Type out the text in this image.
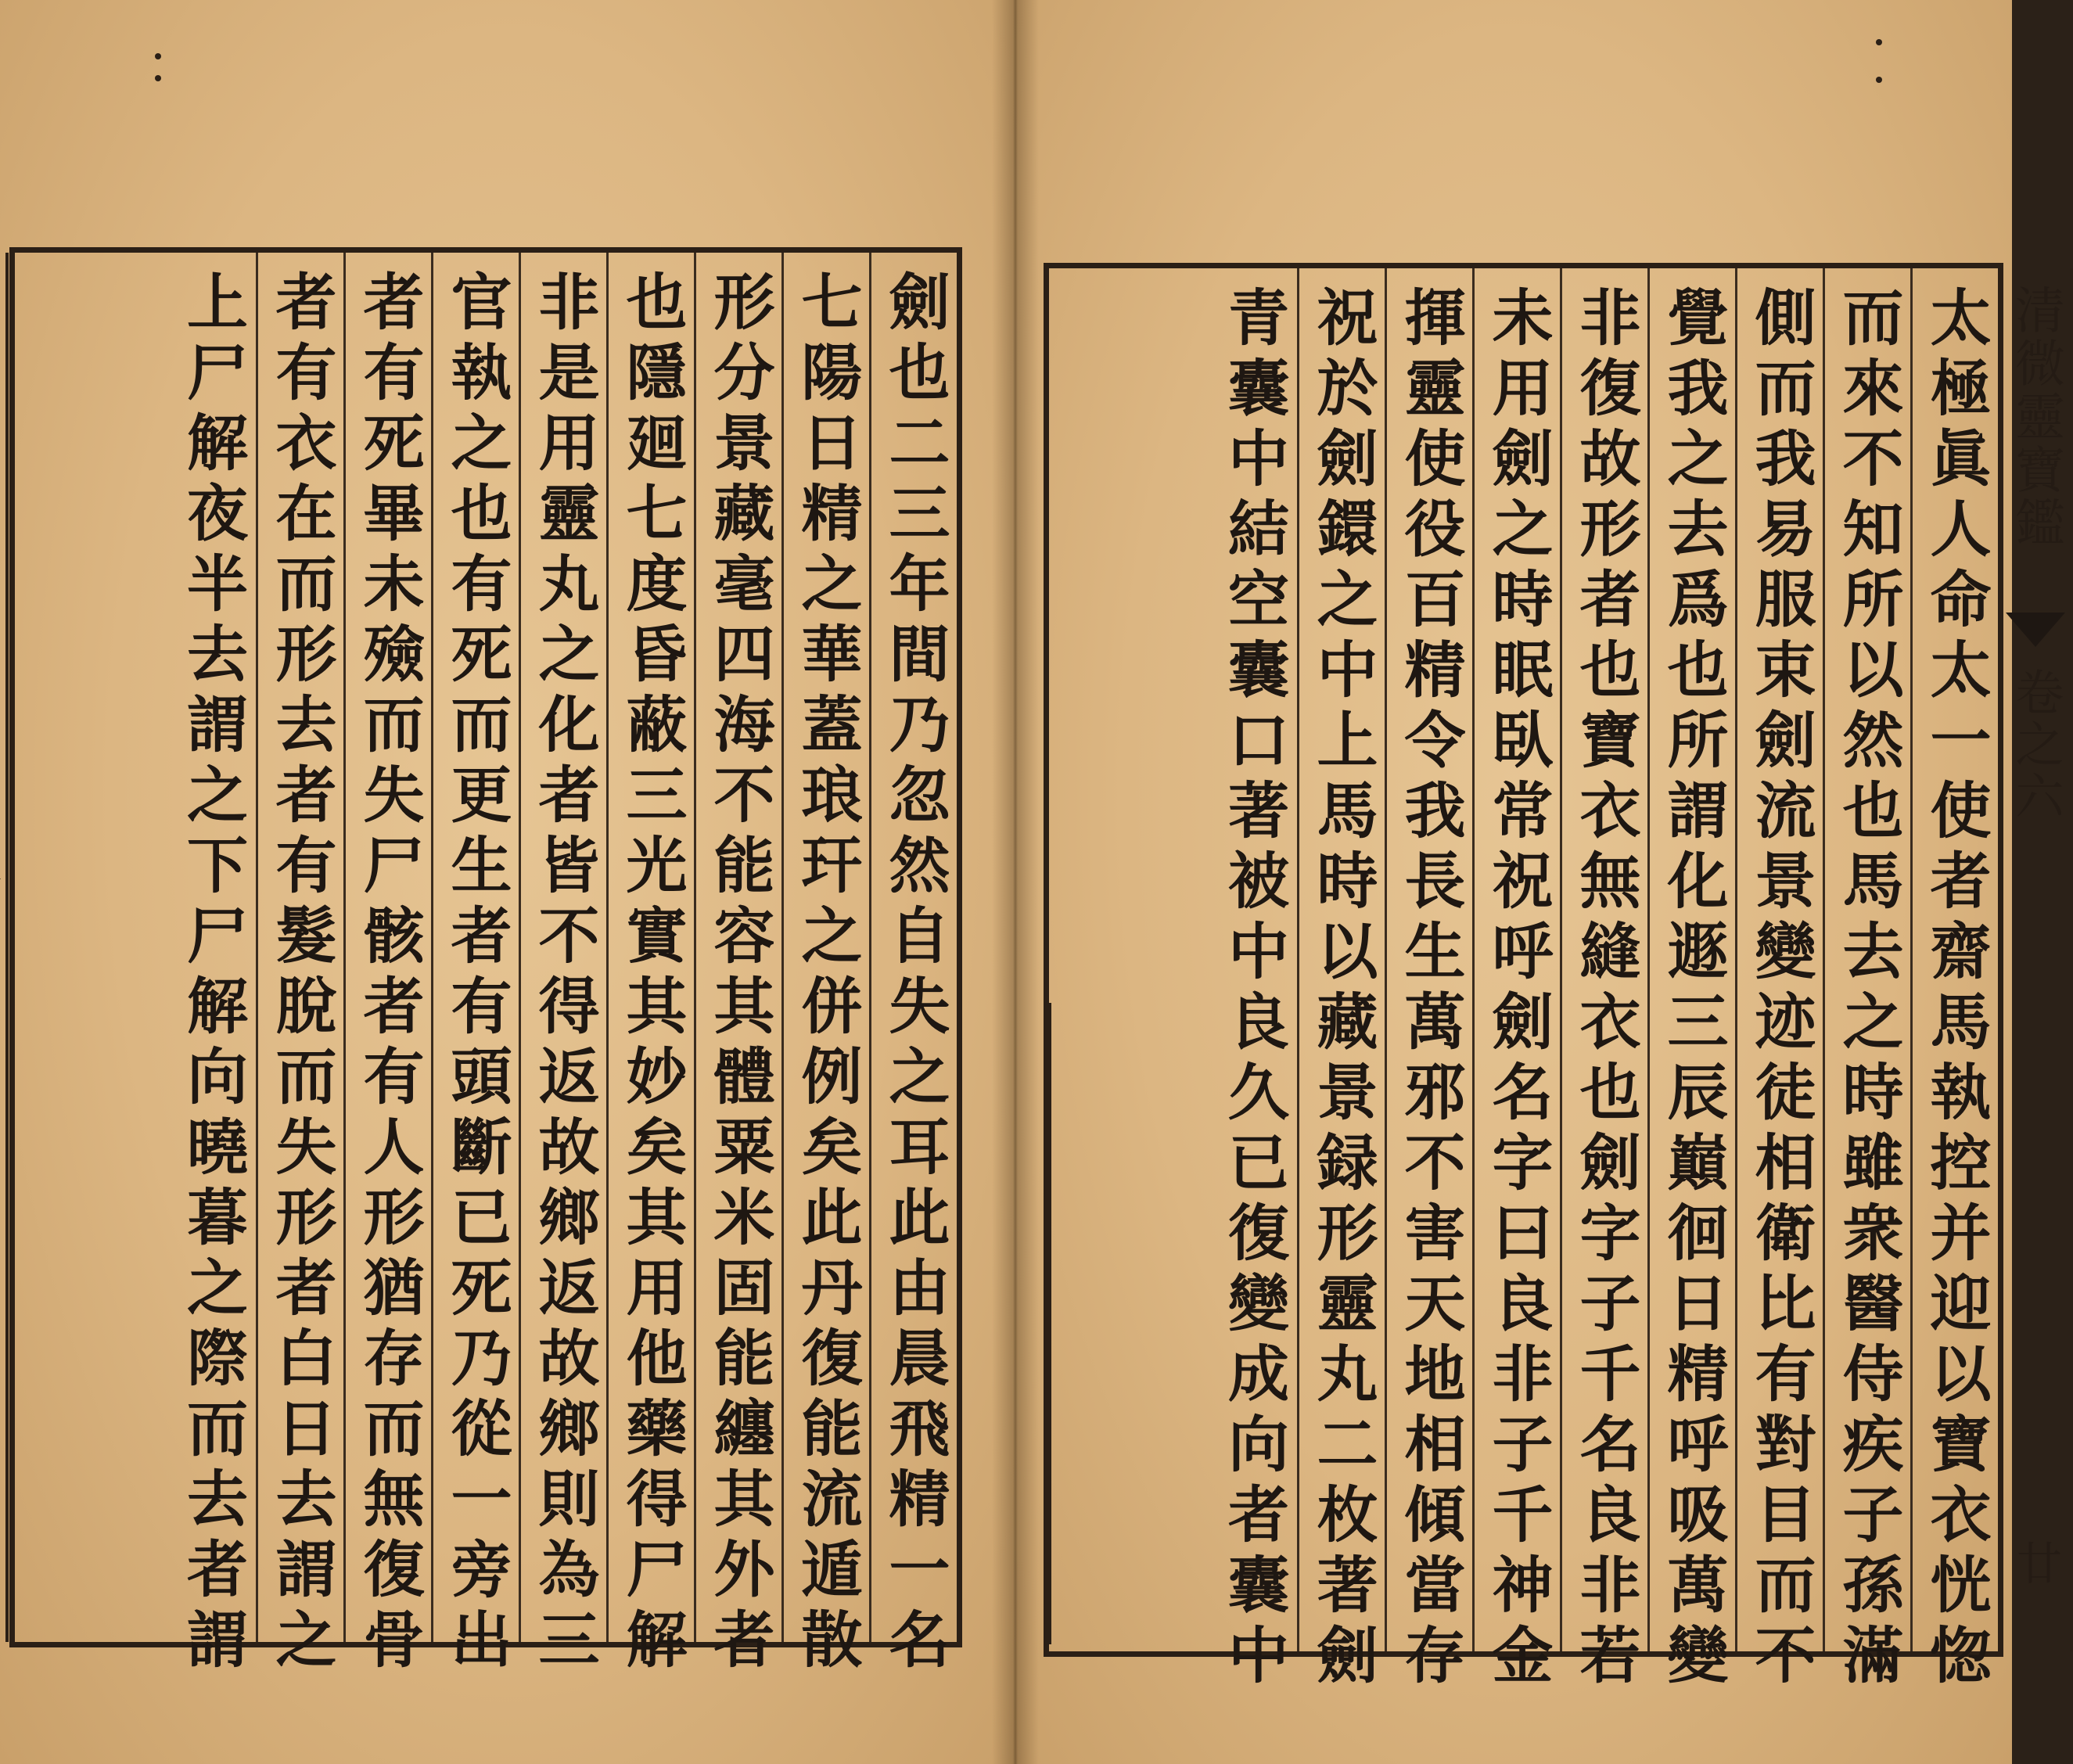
劍也二三年間乃忽然自失之耳此由晨飛精一名
七陽日精之華蓋琅玕之併例矣此丹復能流遁散
形分景藏毫四海不能容其體粟米固能纏其外者
也隱廻七度昏蔽三光實其妙矣其用他藥得尸解
非是用靈丸之化者皆不得返故鄉返故鄉則為三
官執之也有死而更生者有頭斷已死乃從一旁出
者有死畢未殮而失尸骸者有人形猶存而無復骨
者有衣在而形去者有髮脫而失形者白日去謂之
上尸解夜半去謂之下尸解向曉暮之際而去者謂	清微靈寶鑑
卷之六
廿
太極眞人命太一使者齋馬執控并迎以寶衣恍惚
而來不知所以然也馬去之時雖衆醫侍疾子孫滿
側而我易服束劍流景變迹徒相衛比有對目而不
覺我之去爲也所謂化遯三辰巔徊日精呼吸萬變
非復故形者也寶衣無縫衣也劍字子千名良非若
未用劍之時眠臥常祝呼劍名字曰良非子千神金
揮靈使役百精令我長生萬邪不害天地相傾當存
祝於劍鐶之中上馬時以藏景録形靈丸二枚著劍
青囊中結空囊口著被中良久已復變成向者囊中
